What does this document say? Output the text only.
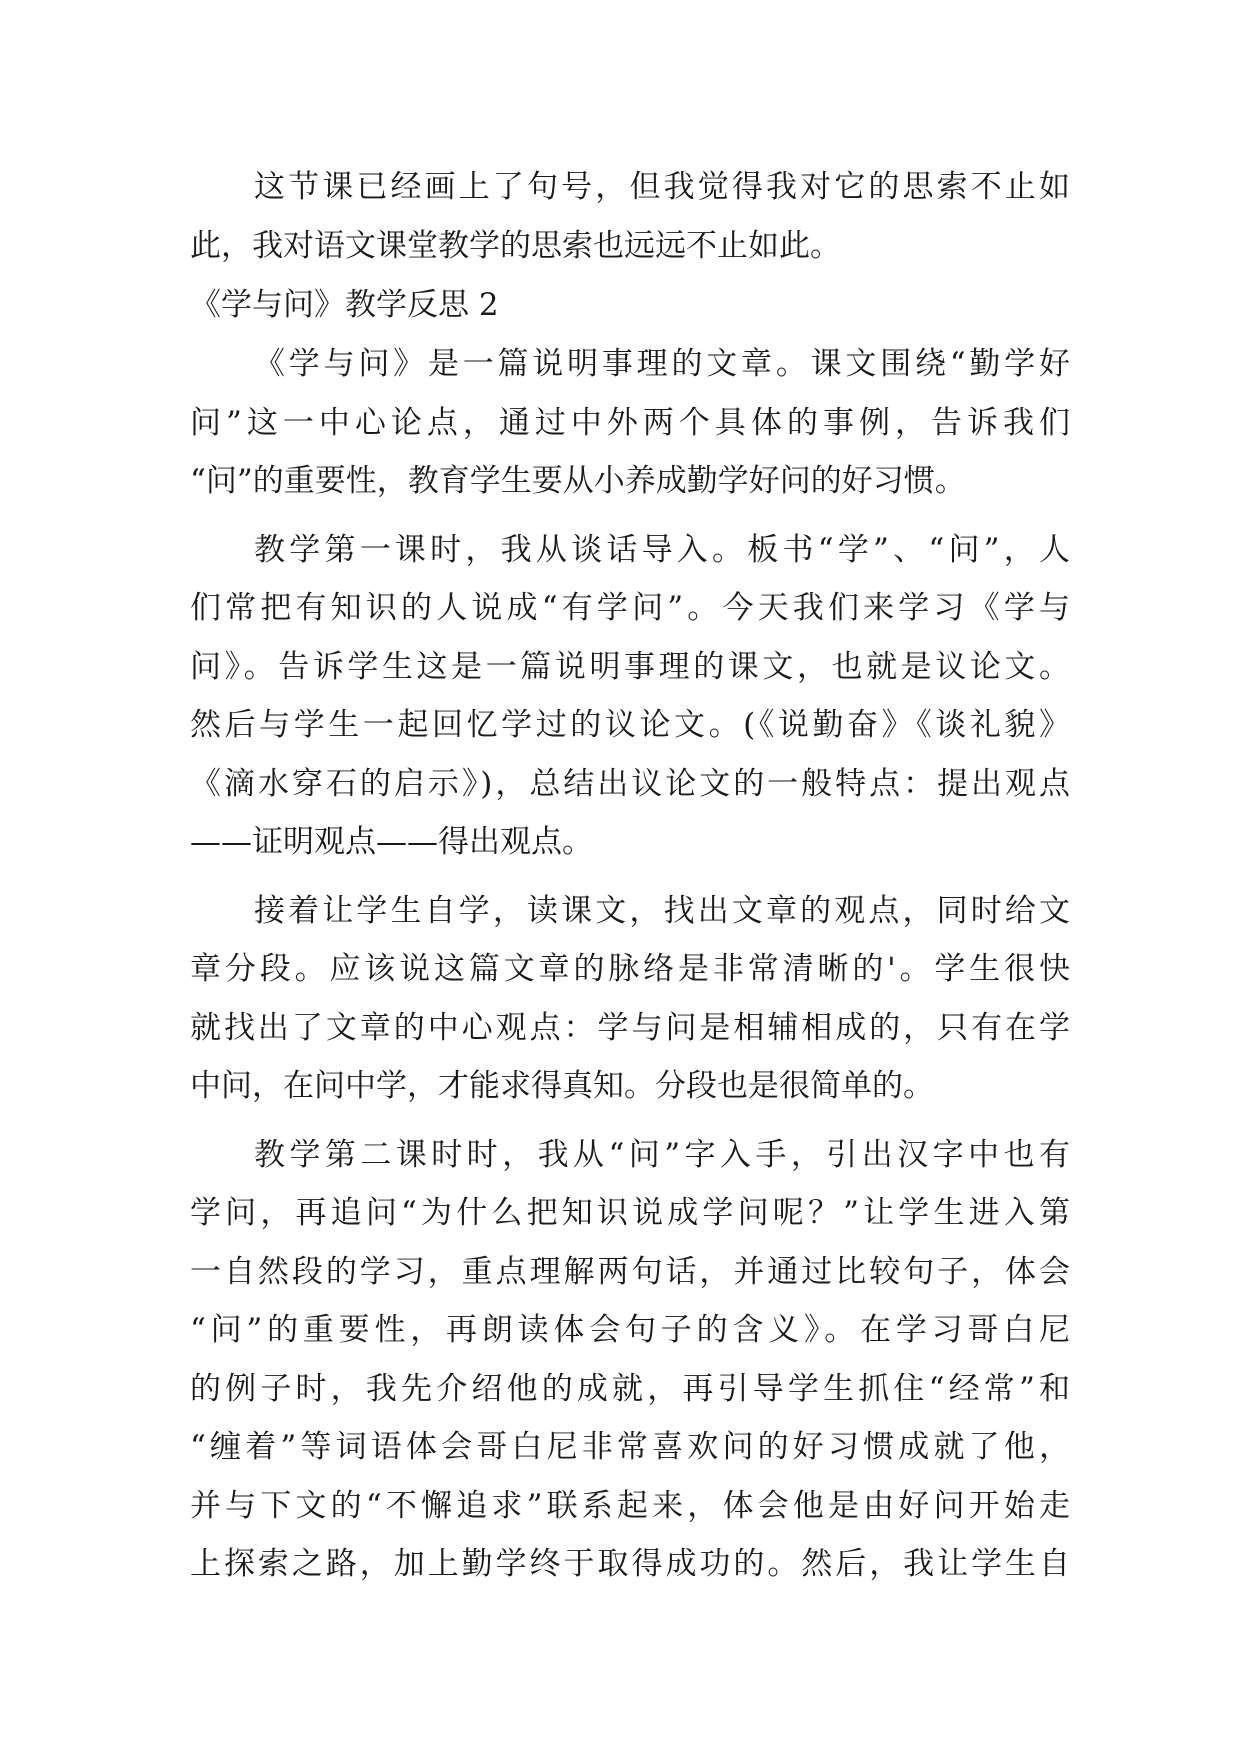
这节课已经画上了句号，但我觉得我对它的思索不止如
此，我对语文课堂教学的思索也远远不止如此。
《学与问》教学反思 2
《学与问》是一篇说明事理的文章。课文围绕“勤学好
问”这一中心论点，通过中外两个具体的事例，告诉我们
“问”的重要性，教育学生要从小养成勤学好问的好习惯。
教学第一课时，我从谈话导入。板书“学”、“问”，人
们常把有知识的人说成“有学问”。今天我们来学习《学与
问》。告诉学生这是一篇说明事理的课文，也就是议论文。
然后与学生一起回忆学过的议论文。(《说勤奋》《谈礼貌》
《滴水穿石的启示》)，总结出议论文的一般特点：提出观点
——证明观点——得出观点。
接着让学生自学，读课文，找出文章的观点，同时给文
章分段。应该说这篇文章的脉络是非常清晰的'。学生很快
就找出了文章的中心观点：学与问是相辅相成的，只有在学
中问，在问中学，才能求得真知。分段也是很简单的。
教学第二课时时，我从“问”字入手，引出汉字中也有
学问，再追问“为什么把知识说成学问呢？”让学生进入第
一自然段的学习，重点理解两句话，并通过比较句子，体会
“问”的重要性，再朗读体会句子的含义》。在学习哥白尼
的例子时，我先介绍他的成就，再引导学生抓住“经常”和
“缠着”等词语体会哥白尼非常喜欢问的好习惯成就了他，
并与下文的“不懈追求”联系起来，体会他是由好问开始走
上探索之路，加上勤学终于取得成功的。然后，我让学生自
